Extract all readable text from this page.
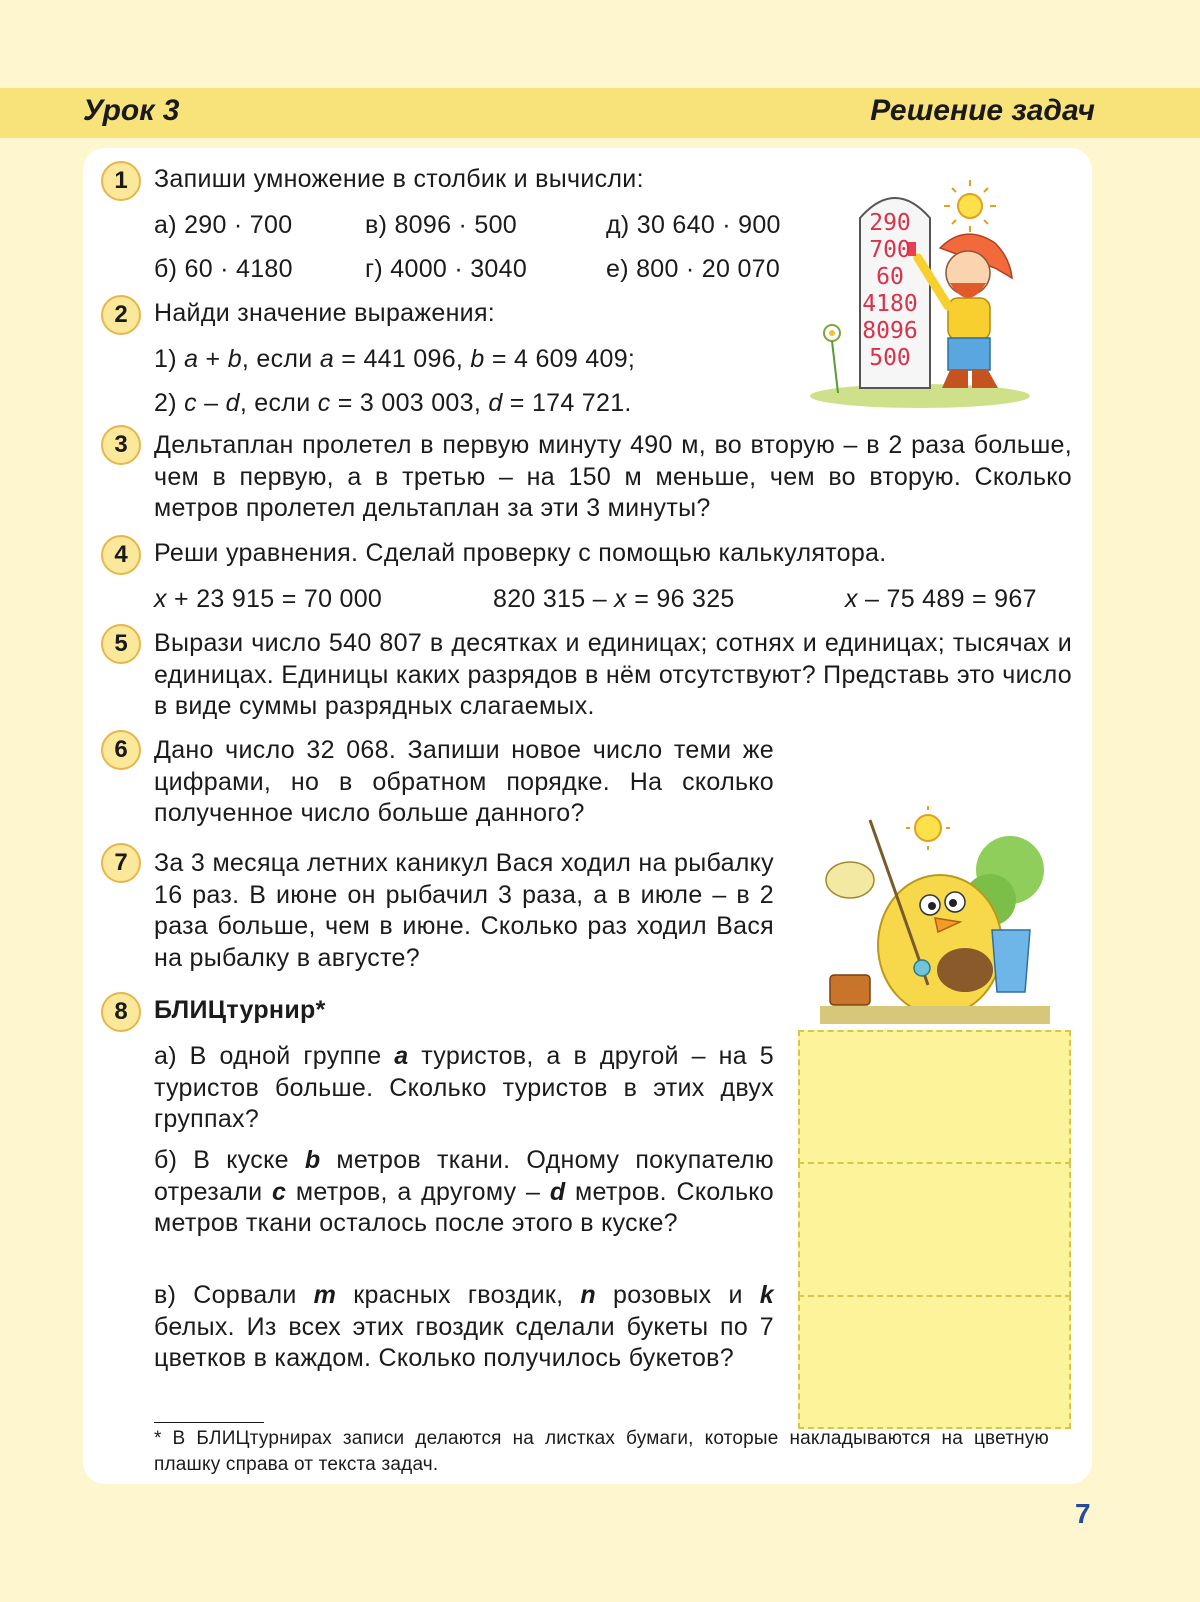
Урок 3	Решение задач
290
700
60
4180
8096
500
1	Запиши умножение в столбик и вычисли:
а) 290 · 700	в) 8096 · 500	д) 30 640 · 900
б) 60 · 4180	г) 4000 · 3040	е) 800 · 20 070
2	Найди значение выражения:
1) a + b, если a = 441 096, b = 4 609 409;
2) c – d, если c = 3 003 003, d = 174 721.
3	Дельтаплан пролетел в первую минуту 490 м, во вторую – в 2 раза больше, чем в первую, а в третью – на 150 м меньше, чем во вторую. Сколько метров пролетел дельтаплан за эти 3 минуты?
4	Реши уравнения. Сделай проверку с помощью калькулятора.
x + 23 915 = 70 000	820 315 – x = 96 325	x – 75 489 = 967
5	Вырази число 540 807 в десятках и единицах; сотнях и единицах; тысячах и единицах. Единицы каких разрядов в нём отсутствуют? Представь это число в виде суммы разрядных слагаемых.
6	Дано число 32 068. Запиши новое число теми же цифрами, но в обратном порядке. На сколько полученное число больше данного?
7	За 3 месяца летних каникул Вася ходил на рыбалку 16 раз. В июне он рыбачил 3 раза, а в июле – в 2 раза больше, чем в июне. Сколько раз ходил Вася на рыбалку в августе?
8	БЛИЦтурнир*
а) В одной группе a туристов, а в другой – на 5 туристов больше. Сколько туристов в этих двух группах?
б) В куске b метров ткани. Одному покупателю отрезали c метров, а другому – d метров. Сколько метров ткани осталось после этого в куске?
в) Сорвали m красных гвоздик, n розовых и k белых. Из всех этих гвоздик сделали букеты по 7 цветков в каждом. Сколько получилось букетов?
* В БЛИЦтурнирах записи делаются на листках бумаги, которые накладываются на цветную плашку справа от текста задач.
7
